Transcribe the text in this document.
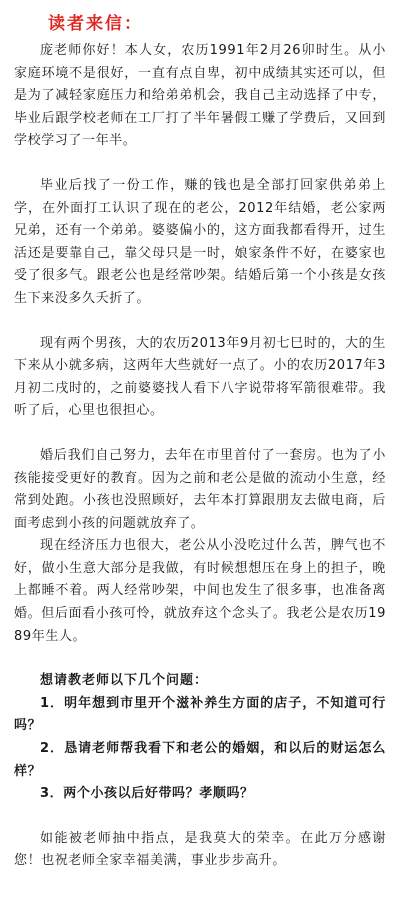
读者来信：

庞老师你好！本人女，农历1991年2月26卯时生。从小家庭环境不是很好，一直有点自卑，初中成绩其实还可以，但是为了减轻家庭压力和给弟弟机会，我自己主动选择了中专，毕业后跟学校老师在工厂打了半年暑假工赚了学费后，又回到学校学习了一年半。

毕业后找了一份工作，赚的钱也是全部打回家供弟弟上学，在外面打工认识了现在的老公，2012年结婚，老公家两兄弟，还有一个弟弟。婆婆偏小的，这方面我都看得开，过生活还是要靠自己，靠父母只是一时，娘家条件不好，在婆家也受了很多气。跟老公也是经常吵架。结婚后第一个小孩是女孩生下来没多久夭折了。

现有两个男孩，大的农历2013年9月初七巳时的，大的生下来从小就多病，这两年大些就好一点了。小的农历2017年3月初二戌时的，之前婆婆找人看下八字说带将军箭很难带。我听了后，心里也很担心。

婚后我们自己努力，去年在市里首付了一套房。也为了小孩能接受更好的教育。因为之前和老公是做的流动小生意，经常到处跑。小孩也没照顾好，去年本打算跟朋友去做电商，后面考虑到小孩的问题就放弃了。

现在经济压力也很大，老公从小没吃过什么苦，脾气也不好，做小生意大部分是我做，有时候想想压在身上的担子，晚上都睡不着。两人经常吵架，中间也发生了很多事，也准备离婚。但后面看小孩可怜，就放弃这个念头了。我老公是农历1989年生人。

想请教老师以下几个问题：

1．明年想到市里开个滋补养生方面的店子，不知道可行吗？

2．恳请老师帮我看下和老公的婚姻，和以后的财运怎么样？

3．两个小孩以后好带吗？孝顺吗？

如能被老师抽中指点，是我莫大的荣幸。在此万分感谢您！也祝老师全家幸福美满，事业步步高升。
